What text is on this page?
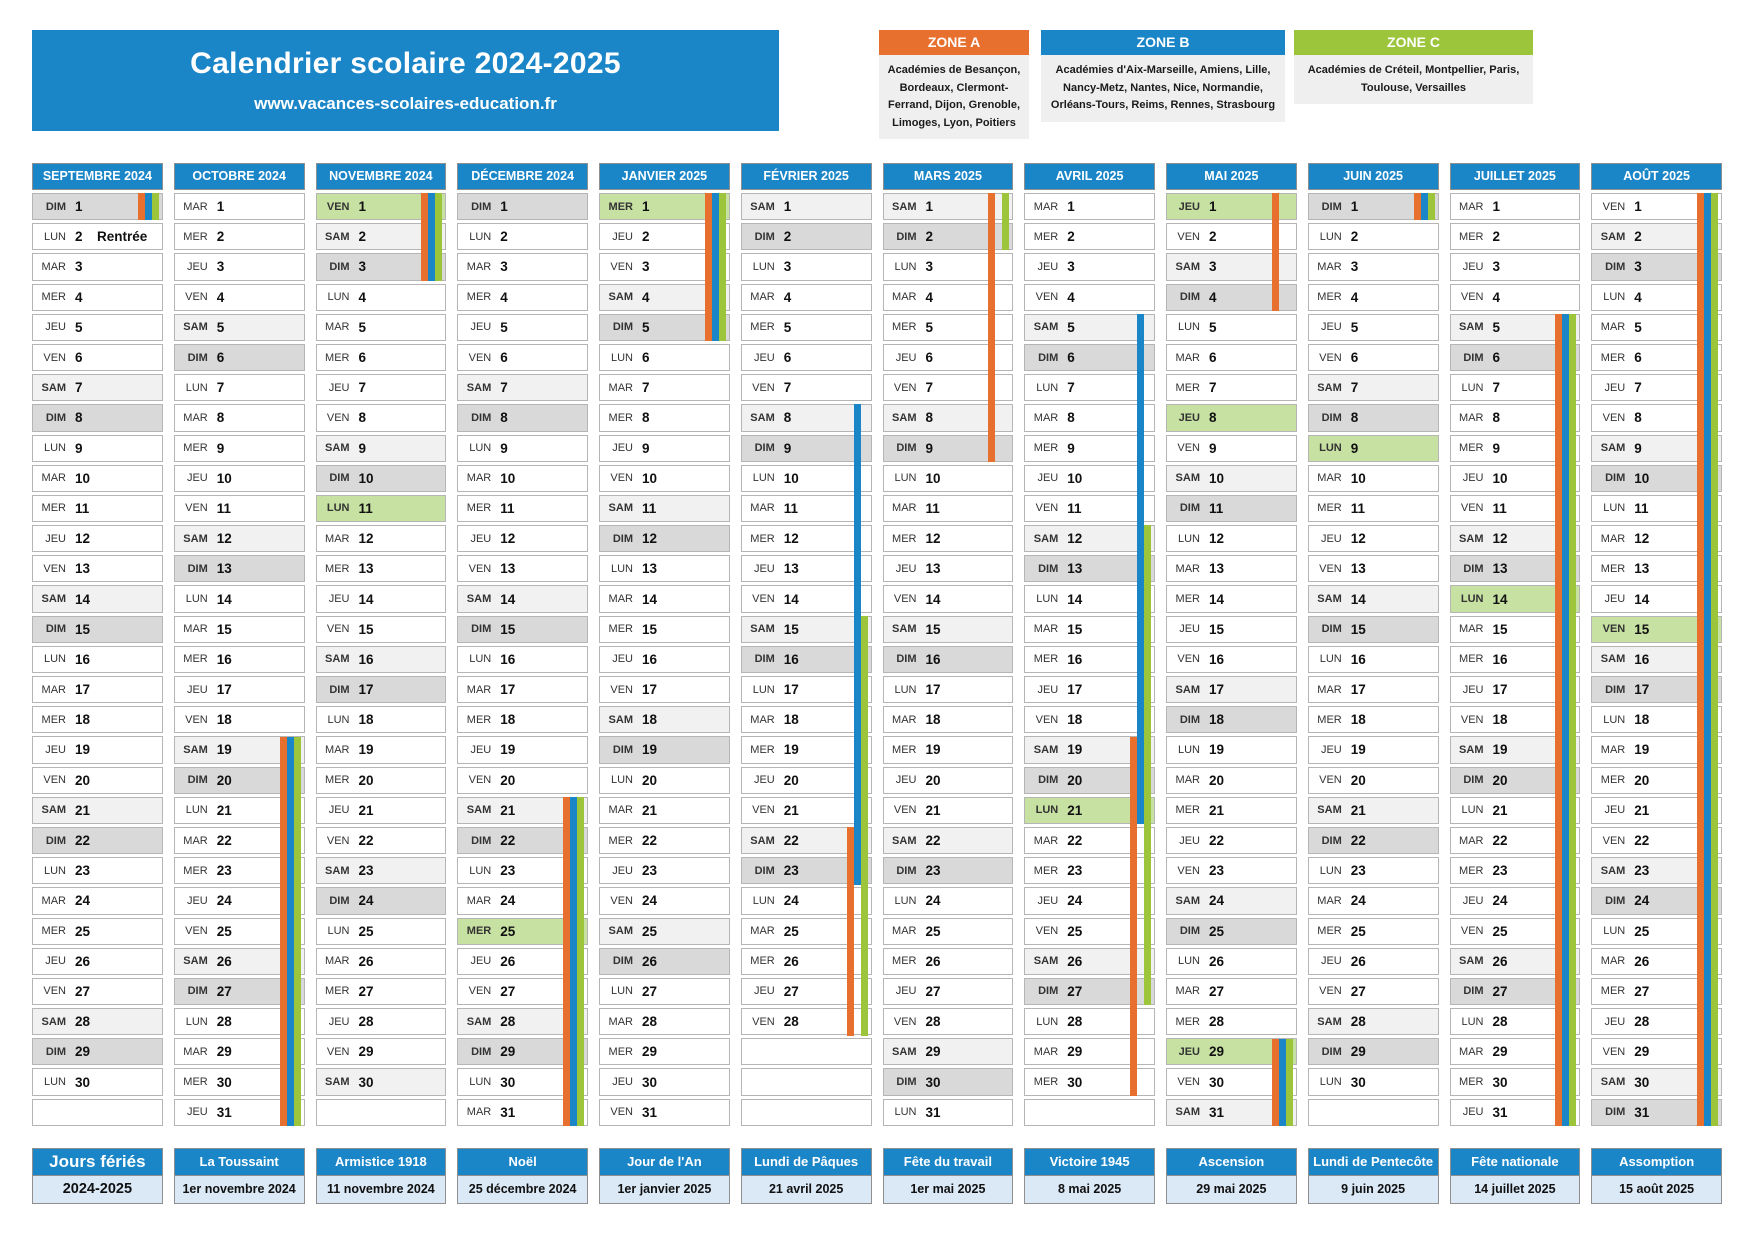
Calendrier scolaire 2024-2025
www.vacances-scolaires-education.fr
ZONE A
Académies de Besançon, Bordeaux, Clermont-Ferrand, Dijon, Grenoble, Limoges, Lyon, Poitiers
ZONE B
Académies d'Aix-Marseille, Amiens, Lille, Nancy-Metz, Nantes, Nice, Normandie, Orléans-Tours, Reims, Rennes, Strasbourg
ZONE C
Académies de Créteil, Montpellier, Paris, Toulouse, Versailles
SEPTEMBRE 2024
DIM 1
LUN 2	Rentrée
MAR 3
MER 4
JEU 5
VEN 6
SAM 7
DIM 8
LUN 9
MAR 10
MER 11
JEU 12
VEN 13
SAM 14
DIM 15
LUN 16
MAR 17
MER 18
JEU 19
VEN 20
SAM 21
DIM 22
LUN 23
MAR 24
MER 25
JEU 26
VEN 27
SAM 28
DIM 29
LUN 30
OCTOBRE 2024
MAR 1
MER 2
JEU 3
VEN 4
SAM 5
DIM 6
LUN 7
MAR 8
MER 9
JEU 10
VEN 11
SAM 12
DIM 13
LUN 14
MAR 15
MER 16
JEU 17
VEN 18
SAM 19
DIM 20
LUN 21
MAR 22
MER 23
JEU 24
VEN 25
SAM 26
DIM 27
LUN 28
MAR 29
MER 30
JEU 31
NOVEMBRE 2024
VEN 1
SAM 2
DIM 3
LUN 4
MAR 5
MER 6
JEU 7
VEN 8
SAM 9
DIM 10
LUN 11
MAR 12
MER 13
JEU 14
VEN 15
SAM 16
DIM 17
LUN 18
MAR 19
MER 20
JEU 21
VEN 22
SAM 23
DIM 24
LUN 25
MAR 26
MER 27
JEU 28
VEN 29
SAM 30
DÉCEMBRE 2024
DIM 1
LUN 2
MAR 3
MER 4
JEU 5
VEN 6
SAM 7
DIM 8
LUN 9
MAR 10
MER 11
JEU 12
VEN 13
SAM 14
DIM 15
LUN 16
MAR 17
MER 18
JEU 19
VEN 20
SAM 21
DIM 22
LUN 23
MAR 24
MER 25
JEU 26
VEN 27
SAM 28
DIM 29
LUN 30
MAR 31
JANVIER 2025
MER 1
JEU 2
VEN 3
SAM 4
DIM 5
LUN 6
MAR 7
MER 8
JEU 9
VEN 10
SAM 11
DIM 12
LUN 13
MAR 14
MER 15
JEU 16
VEN 17
SAM 18
DIM 19
LUN 20
MAR 21
MER 22
JEU 23
VEN 24
SAM 25
DIM 26
LUN 27
MAR 28
MER 29
JEU 30
VEN 31
FÉVRIER 2025
SAM 1
DIM 2
LUN 3
MAR 4
MER 5
JEU 6
VEN 7
SAM 8
DIM 9
LUN 10
MAR 11
MER 12
JEU 13
VEN 14
SAM 15
DIM 16
LUN 17
MAR 18
MER 19
JEU 20
VEN 21
SAM 22
DIM 23
LUN 24
MAR 25
MER 26
JEU 27
VEN 28
MARS 2025
SAM 1
DIM 2
LUN 3
MAR 4
MER 5
JEU 6
VEN 7
SAM 8
DIM 9
LUN 10
MAR 11
MER 12
JEU 13
VEN 14
SAM 15
DIM 16
LUN 17
MAR 18
MER 19
JEU 20
VEN 21
SAM 22
DIM 23
LUN 24
MAR 25
MER 26
JEU 27
VEN 28
SAM 29
DIM 30
LUN 31
AVRIL 2025
MAR 1
MER 2
JEU 3
VEN 4
SAM 5
DIM 6
LUN 7
MAR 8
MER 9
JEU 10
VEN 11
SAM 12
DIM 13
LUN 14
MAR 15
MER 16
JEU 17
VEN 18
SAM 19
DIM 20
LUN 21
MAR 22
MER 23
JEU 24
VEN 25
SAM 26
DIM 27
LUN 28
MAR 29
MER 30
MAI 2025
JEU 1
VEN 2
SAM 3
DIM 4
LUN 5
MAR 6
MER 7
JEU 8
VEN 9
SAM 10
DIM 11
LUN 12
MAR 13
MER 14
JEU 15
VEN 16
SAM 17
DIM 18
LUN 19
MAR 20
MER 21
JEU 22
VEN 23
SAM 24
DIM 25
LUN 26
MAR 27
MER 28
JEU 29
VEN 30
SAM 31
JUIN 2025
DIM 1
LUN 2
MAR 3
MER 4
JEU 5
VEN 6
SAM 7
DIM 8
LUN 9
MAR 10
MER 11
JEU 12
VEN 13
SAM 14
DIM 15
LUN 16
MAR 17
MER 18
JEU 19
VEN 20
SAM 21
DIM 22
LUN 23
MAR 24
MER 25
JEU 26
VEN 27
SAM 28
DIM 29
LUN 30
JUILLET 2025
MAR 1
MER 2
JEU 3
VEN 4
SAM 5
DIM 6
LUN 7
MAR 8
MER 9
JEU 10
VEN 11
SAM 12
DIM 13
LUN 14
MAR 15
MER 16
JEU 17
VEN 18
SAM 19
DIM 20
LUN 21
MAR 22
MER 23
JEU 24
VEN 25
SAM 26
DIM 27
LUN 28
MAR 29
MER 30
JEU 31
AOÛT 2025
VEN 1
SAM 2
DIM 3
LUN 4
MAR 5
MER 6
JEU 7
VEN 8
SAM 9
DIM 10
LUN 11
MAR 12
MER 13
JEU 14
VEN 15
SAM 16
DIM 17
LUN 18
MAR 19
MER 20
JEU 21
VEN 22
SAM 23
DIM 24
LUN 25
MAR 26
MER 27
JEU 28
VEN 29
SAM 30
DIM 31
Jours fériés
2024-2025
La Toussaint
1er novembre 2024
Armistice 1918
11 novembre 2024
Noël
25 décembre 2024
Jour de l'An
1er janvier 2025
Lundi de Pâques
21 avril 2025
Fête du travail
1er mai 2025
Victoire 1945
8 mai 2025
Ascension
29 mai 2025
Lundi de Pentecôte
9 juin 2025
Fête nationale
14 juillet 2025
Assomption
15 août 2025
